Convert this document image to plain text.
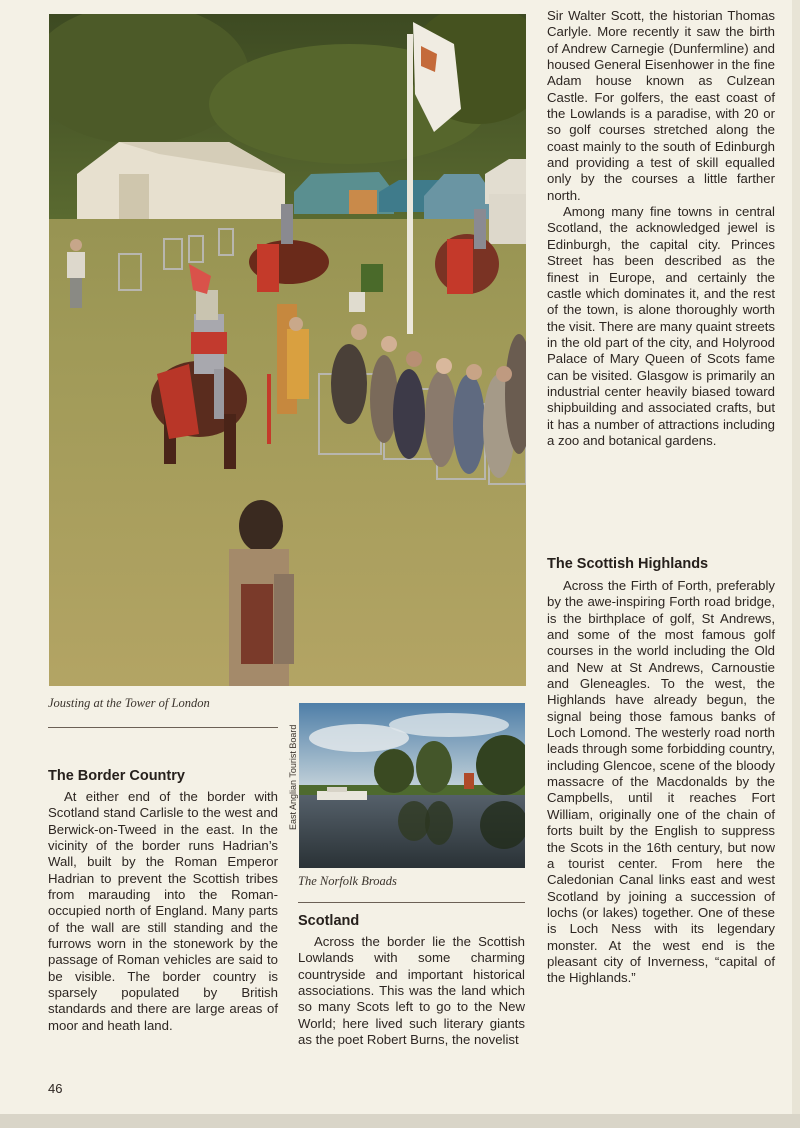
Jousting at the Tower of London
East Anglian Tourist Board
The Norfolk Broads
The Border Country

At either end of the border with Scotland stand Carlisle to the west and Berwick-on-Tweed in the east. In the vicinity of the border runs Hadrian’s Wall, built by the Roman Emperor Hadrian to prevent the Scottish tribes from marauding into the Roman-occupied north of England. Many parts of the wall are still standing and the furrows worn in the stonework by the passage of Roman vehicles are said to be visible. The border country is sparsely populated by British standards and there are large areas of moor and heath land.

Scotland

Across the border lie the Scottish Lowlands with some charming countryside and important historical associations. This was the land which so many Scots left to go to the New World; here lived such literary giants as the poet Robert Burns, the novelist

Sir Walter Scott, the historian Thomas Carlyle. More recently it saw the birth of Andrew Carnegie (Dunfermline) and housed General Eisenhower in the fine Adam house known as Culzean Castle. For golfers, the east coast of the Lowlands is a paradise, with 20 or so golf courses stretched along the coast mainly to the south of Edinburgh and providing a test of skill equalled only by the courses a little farther north.

Among many fine towns in central Scotland, the acknowledged jewel is Edinburgh, the capital city. Princes Street has been described as the finest in Europe, and certainly the castle which dominates it, and the rest of the town, is alone thoroughly worth the visit. There are many quaint streets in the old part of the city, and Holyrood Palace of Mary Queen of Scots fame can be visited. Glasgow is primarily an industrial center heavily biased toward shipbuilding and associated crafts, but it has a number of attractions including a zoo and botanical gardens.

The Scottish Highlands

Across the Firth of Forth, preferably by the awe-inspiring Forth road bridge, is the birthplace of golf, St Andrews, and some of the most famous golf courses in the world including the Old and New at St Andrews, Carnoustie and Gleneagles. To the west, the Highlands have already begun, the signal being those famous banks of Loch Lomond. The westerly road north leads through some forbidding country, including Glencoe, scene of the bloody massacre of the Macdonalds by the Campbells, until it reaches Fort William, originally one of the chain of forts built by the English to suppress the Scots in the 16th century, but now a tourist center. From here the Caledonian Canal links east and west Scotland by joining a succession of lochs (or lakes) together. One of these is Loch Ness with its legendary monster. At the west end is the pleasant city of Inverness, “capital of the Highlands.”

46
